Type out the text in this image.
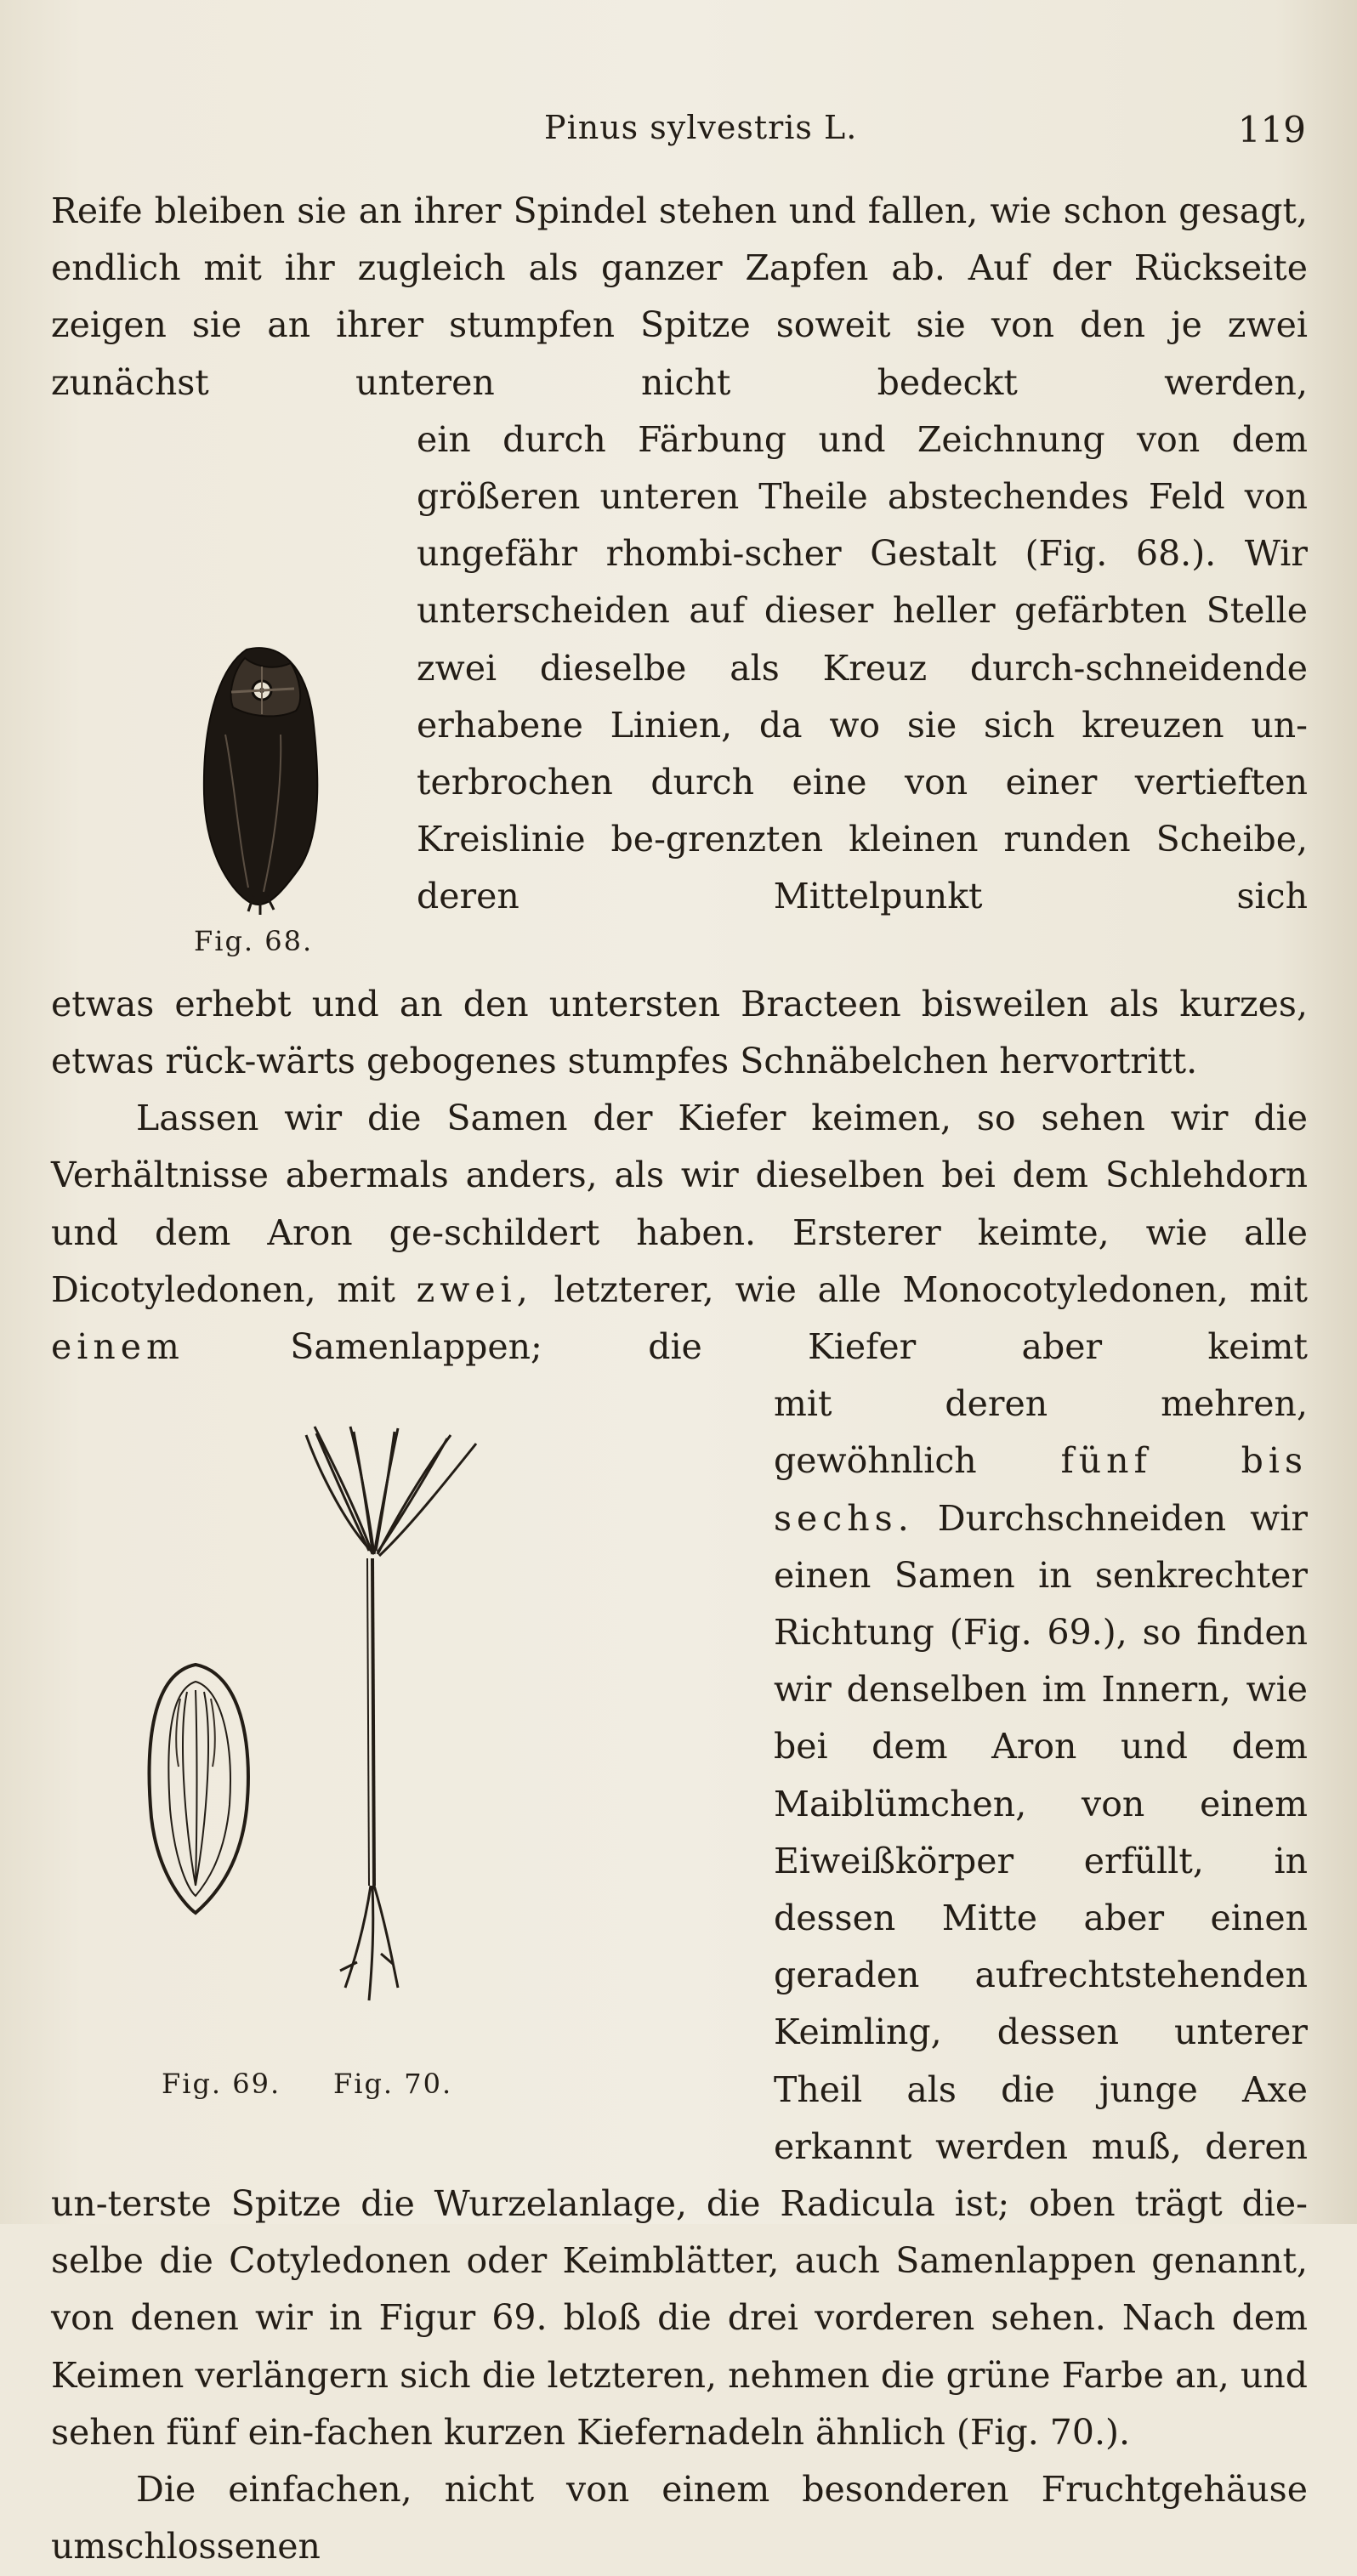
Pinus sylvestris L.	119

Reife bleiben sie an ihrer Spindel stehen und fallen, wie schon gesagt, endlich mit ihr zugleich als ganzer Zapfen ab. Auf der Rückseite zeigen sie an ihrer stumpfen Spitze soweit sie von den je zwei zunächst unteren nicht bedeckt werden,

Fig. 68.

ein durch Färbung und Zeichnung von dem größeren unteren Theile abstechendes Feld von ungefähr rhombi-scher Gestalt (Fig. 68.). Wir unterscheiden auf dieser heller gefärbten Stelle zwei dieselbe als Kreuz durch-schneidende erhabene Linien, da wo sie sich kreuzen un-terbrochen durch eine von einer vertieften Kreislinie be-grenzten kleinen runden Scheibe, deren Mittelpunkt sich

etwas erhebt und an den untersten Bracteen bisweilen als kurzes, etwas rück-wärts gebogenes stumpfes Schnäbelchen hervortritt.

Lassen wir die Samen der Kiefer keimen, so sehen wir die Verhältnisse abermals anders, als wir dieselben bei dem Schlehdorn und dem Aron ge-schildert haben. Ersterer keimte, wie alle Dicotyledonen, mit zwei, letzterer, wie alle Monocotyledonen, mit einem	Samenlappen; die Kiefer aber keimt

Fig. 69. Fig. 70.

mit deren mehren, gewöhnlich fünf bis sechs. Durchschneiden wir einen Samen in senkrechter Richtung (Fig. 69.), so finden wir denselben im Innern, wie bei dem Aron und dem Maiblümchen, von einem Eiweißkörper erfüllt, in dessen Mitte aber einen geraden aufrechtstehenden Keimling, dessen unterer Theil als die junge Axe erkannt werden muß, deren un-terste Spitze die Wurzelanlage, die Radicula ist; oben trägt die-

selbe die Cotyledonen oder Keimblätter, auch Samenlappen genannt, von denen wir in Figur 69. bloß die drei vorderen sehen. Nach dem Keimen verlängern sich die letzteren, nehmen die grüne Farbe an, und sehen fünf ein-fachen kurzen Kiefernadeln ähnlich (Fig. 70.).

Die einfachen, nicht von einem besonderen Fruchtgehäuse umschlossenen
